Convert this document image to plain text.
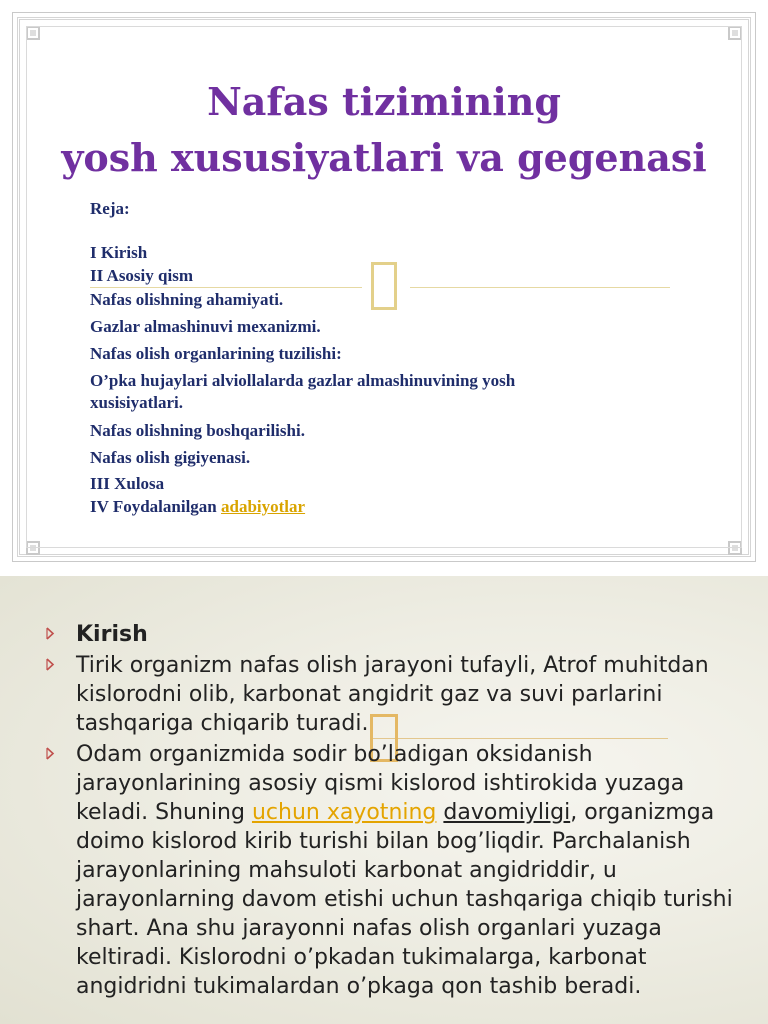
Nafas tizimining
yosh xususiyatlari va gegenasi
Reja:
I Kirish
II Asosiy qism
Nafas olishning ahamiyati.
Gazlar almashinuvi mexanizmi.
Nafas olish organlarining tuzilishi:
O’pka hujaylari alviollalarda gazlar almashinuvining yosh xusisiyatlari.
Nafas olishning boshqarilishi.
Nafas olish gigiyenasi.
III Xulosa
IV Foydalanilgan adabiyotlar
Kirish
Tirik organizm nafas olish jarayoni tufayli, Atrof muhitdan kislorodni olib, karbonat angidrit gaz va suvi parlarini tashqariga chiqarib turadi.
Odam organizmida sodir bo’ladigan oksidanish jarayonlarining asosiy qismi kislorod ishtirokida yuzaga keladi. Shuning uchun xayotning davomiyligi, organizmga doimo kislorod kirib turishi bilan bog’liqdir. Parchalanish jarayonlarining mahsuloti karbonat angidriddir, u jarayonlarning davom etishi uchun tashqariga chiqib turishi shart. Ana shu jarayonni nafas olish organlari yuzaga keltiradi. Kislorodni o’pkadan tukimalarga, karbonat angidridni tukimalardan o’pkaga qon tashib beradi.
